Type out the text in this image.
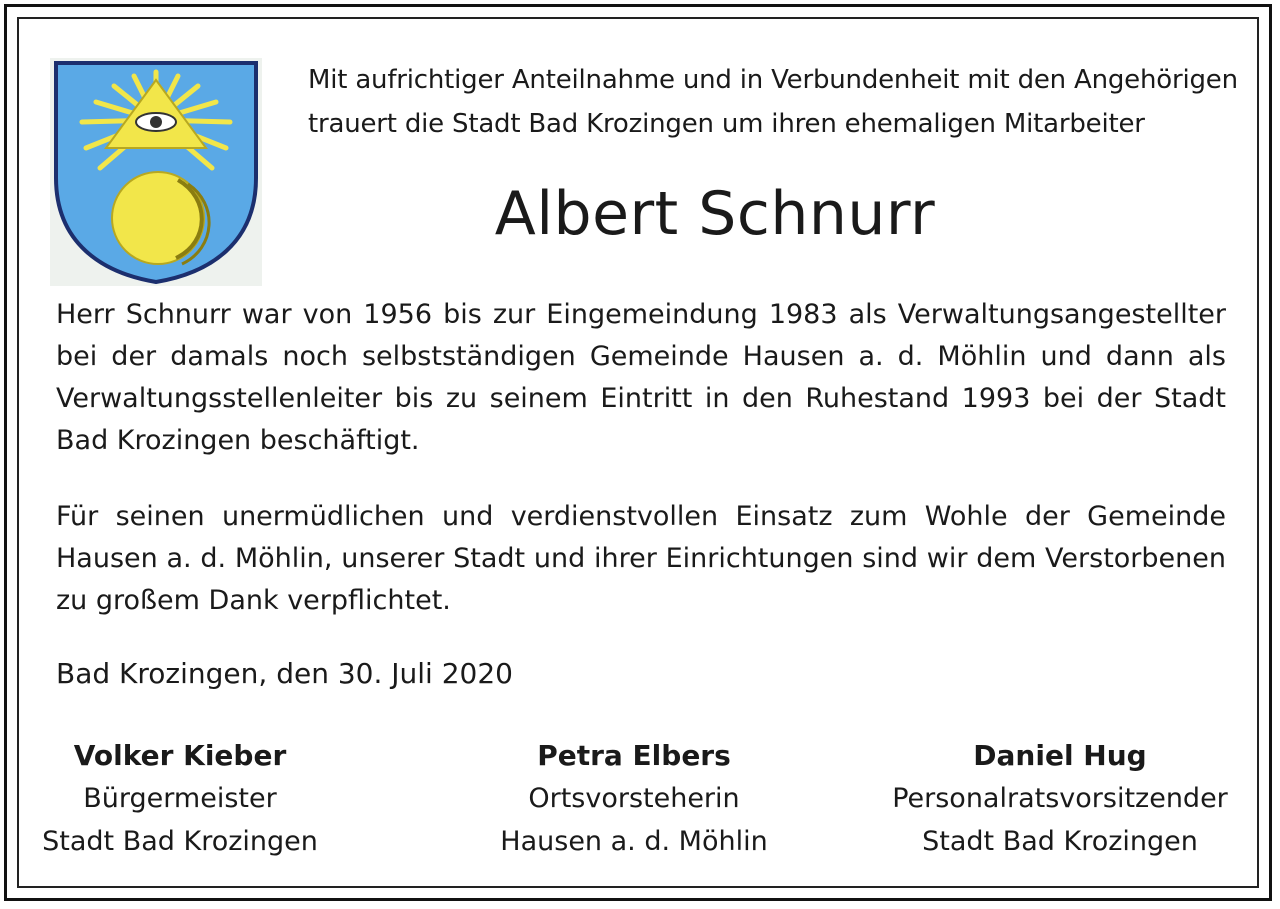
Mit aufrichtiger Anteilnahme und in Verbundenheit mit den Angehörigen
trauert die Stadt Bad Krozingen um ihren ehemaligen Mitarbeiter
Albert Schnurr
Herr Schnurr war von 1956 bis zur Eingemeindung 1983 als Verwaltungsangestellter bei der damals noch selbstständigen Gemeinde Hausen a. d. Möhlin und dann als Verwaltungsstellenleiter bis zu seinem Eintritt in den Ruhestand 1993 bei der Stadt Bad Krozingen beschäftigt.
Für seinen unermüdlichen und verdienstvollen Einsatz zum Wohle der Gemeinde Hausen a. d. Möhlin, unserer Stadt und ihrer Einrichtungen sind wir dem Verstorbenen zu großem Dank verpflichtet.
Bad Krozingen, den 30. Juli 2020
Volker Kieber
Bürgermeister
Stadt Bad Krozingen
Petra Elbers
Ortsvorsteherin
Hausen a. d. Möhlin
Daniel Hug
Personalratsvorsitzender
Stadt Bad Krozingen
